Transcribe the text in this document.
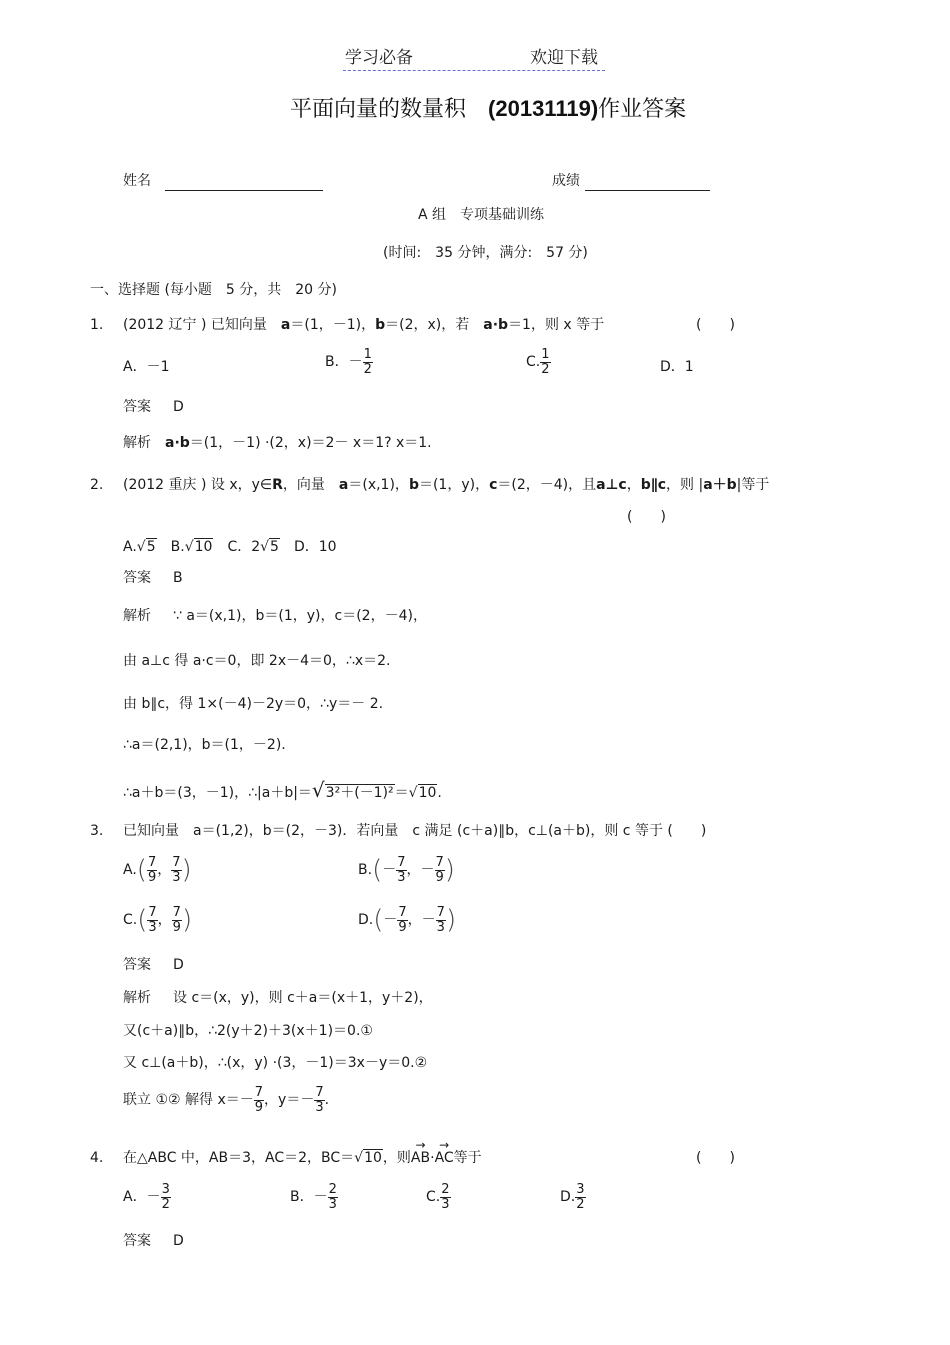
学习必备	欢迎下载
平面向量的数量积　 (20131119)作业答案
姓名	成绩
A 组　专项基础训练
(时间:　35 分钟，满分:　57 分)
一、选择题 (每小题　5 分，共　20 分)
1. (2012 辽宁 ) 已知向量　 a＝(1，－1)，b＝(2，x)，若　 a·b＝1，则 x 等于	(　　)
A．－1	B．－ $\frac{1}{2}$	C. $\frac{1}{2}$	D．1
答案 D
解析　 a·b＝(1，－1) ·(2，x)＝2－ x＝1? x＝1.
2. (2012 重庆 ) 设 x，y∈R，向量　 a＝(x,1)，b＝(1，y)，c＝(2，－4)，且a⊥c，b∥c，则 |a＋b|等于
(　　)
A.√5　 B.√10　 C．2√5　 D．10
答案 B
解析 ∵ a＝(x,1)，b＝(1，y)，c＝(2，－4)，
由 a⊥c 得 a·c＝0，即 2x－4＝0，∴x＝2.
由 b∥c，得 1×(－4)－2y＝0，∴y＝－ 2.
∴a＝(2,1)，b＝(1，－2).
∴a＋b＝(3，－1)，∴|a＋b|＝√3²＋(－1)²＝√10.
3. 已知向量　a＝(1,2)，b＝(2，－3)．若向量　c 满足 (c＋a)∥b，c⊥(a＋b)，则 c 等于 (　　)
$A.( \frac{7}{9}$ ， $\frac{7}{3}$ )	$B.(- \frac{7}{3}$ ，－ $\frac{7}{9}$ )
$C.( \frac{7}{3}$ ， $\frac{7}{9}$ )	$D.(- \frac{7}{9}$ ，－ $\frac{7}{3}$ )
答案 D
解析 设 c＝(x，y)，则 c＋a＝(x＋1，y＋2)，
又(c＋a)∥b，∴2(y＋2)＋3(x＋1)＝0.①
又 c⊥(a＋b)，∴(x，y) ·(3，－1)＝3x－y＝0.②
联立 ①② 解得 $x=- \frac{7}{9}$ ，$y=- \frac{7}{3}$ .
4. 在△ABC 中，AB＝3，AC＝2，BC＝√10，则→ AB·→ AC等于	(　　)
A．－ $\frac{3}{2}$	B．－ $\frac{2}{3}$	C. $\frac{2}{3}$	D. $\frac{3}{2}$
答案 D
